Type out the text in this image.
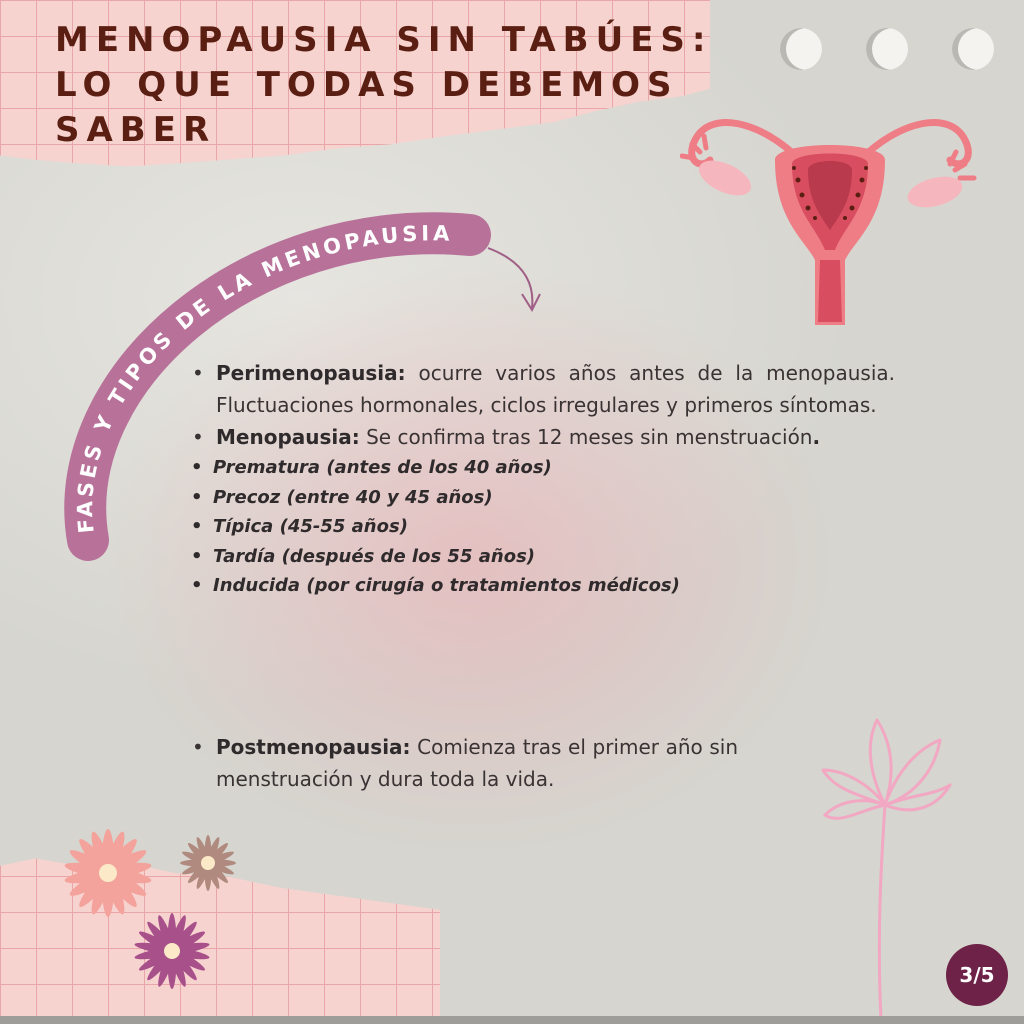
MENOPAUSIA SIN TABÚES:
LO QUE TODAS DEBEMOS
SABER
FASES Y TIPOS DE LA MENOPAUSIA
• Perimenopausia: ocurre varios años antes de la menopausia. Fluctuaciones hormonales, ciclos irregulares y primeros síntomas.
• Menopausia: Se confirma tras 12 meses sin menstruación.
• Prematura (antes de los 40 años)
• Precoz (entre 40 y 45 años)
• Típica (45-55 años)
• Tardía (después de los 55 años)
• Inducida (por cirugía o tratamientos médicos)
• Postmenopausia: Comienza tras el primer año sin menstruación y dura toda la vida.
3/5
